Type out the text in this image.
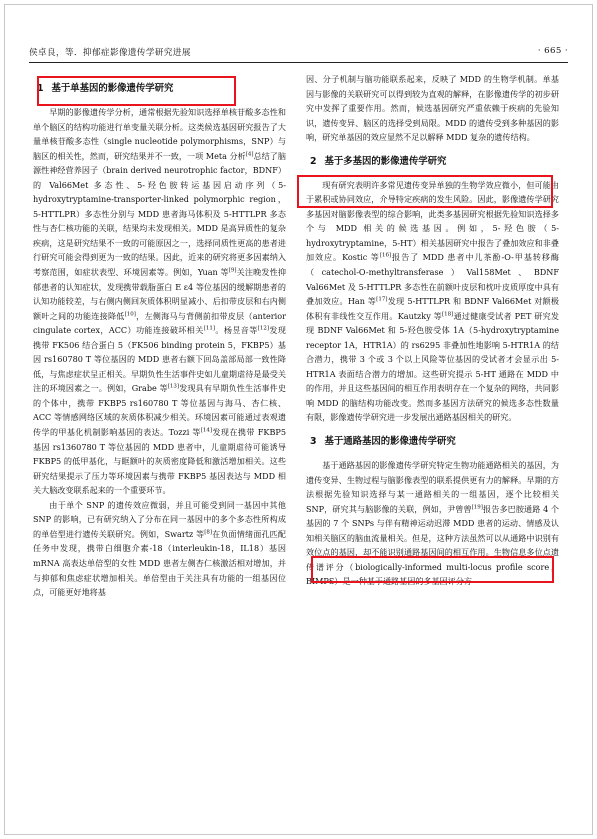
侯卓良，等．抑郁症影像遗传学研究进展	· 665 ·
1 基于单基因的影像遗传学研究

早期的影像遗传学分析，通常根据先验知识选择单核苷酸多态性和单个脑区的结构功能进行单变量关联分析。这类候选基因研究报告了大量单核苷酸多态性（single nucleotide polymorphisms，SNP）与脑区的相关性，然而，研究结果并不一致，一项 Meta 分析[4]总结了脑源性神经营养因子（brain derived neurotrophic factor，BDNF）的 Val66Met 多态性、5-羟色胺转运基因启动序列（5-hydroxytryptamine-transporter-linked polymorphic region，5-HTTLPR）多态性分别与 MDD 患者海马体积及 5-HTTLPR 多态性与杏仁核功能的关联，结果均未发现相关。MDD 是高异质性的复杂疾病，这是研究结果不一致的可能原因之一，选择同质性更高的患者进行研究可能会得到更为一致的结果。因此，近来的研究将更多因素纳入考察范围，如症状表型、环境因素等。例如，Yuan 等[9]关注晚发性抑郁患者的认知症状，发现携带载脂蛋白 E ε4 等位基因的缓解期患者的认知功能较差，与右侧内侧回灰质体积明显减小、后扣带皮层和右内侧额叶之间的功能连接降低[10]，左侧海马与背侧前扣带皮层（anterior cingulate cortex，ACC）功能连接破坏相关[11]。杨昱音等[12]发现携带 FK506 结合蛋白 5（FK506 binding protein 5，FKBP5）基因 rs160780 T 等位基因的 MDD 患者右额下回岛盖部局部一致性降低，与焦虑症状呈正相关。早期负性生活事件史如儿童期虐待是最受关注的环境因素之一。例如，Grabe 等[13]发现具有早期负性生活事件史的个体中，携带 FKBP5 rs160780 T 等位基因与海马、杏仁核、ACC 等情感网络区域的灰质体积减少相关。环境因素可能通过表观遗传学的甲基化机制影响基因的表达。Tozzi 等[14]发现在携带 FKBP5 基因 rs1360780 T 等位基因的 MDD 患者中，儿童期虐待可能诱导 FKBP5 的低甲基化，与眶额叶的灰质密度降低和激活增加相关。这些研究结果提示了压力等环境因素与携带 FKBP5 基因表达与 MDD 相关大脑改变联系起来的一个重要环节。

由于单个 SNP 的遗传效应微弱，并且可能受到同一基因中其他 SNP 的影响，已有研究纳入了分布在同一基因中的多个多态性所构成的单倍型进行遗传关联研究。例如，Swartz 等[8]在负面情绪面孔匹配任务中发现，携带白细胞介素-18（interleukin-18，IL18）基因 mRNA 高表达单倍型的女性 MDD 患者左侧杏仁核激活相对增加，并与抑郁和焦虑症状增加相关。单倍型由于关注具有功能的一组基因位点，可能更好地将基

因、分子机制与脑功能联系起来，反映了 MDD 的生物学机制。单基因与影像的关联研究可以得到较为直观的解释，在影像遗传学的初步研究中发挥了重要作用。然而，候选基因研究严重依赖于疾病的先验知识，遗传变异、脑区的选择受到局限。MDD 的遗传受到多种基因的影响，研究单基因的效应显然不足以解释 MDD 复杂的遗传结构。

2 基于多基因的影像遗传学研究

现有研究表明许多常见遗传变异单独的生物学效应微小，但可能由于累积或协同效应，介导特定疾病的发生风险。因此，影像遗传学研究多基因对脑影像表型的综合影响，此类多基因研究根据先验知识选择多个与 MDD 相关的候选基因。例如，5-羟色胺（5-hydroxytryptamine，5-HT）相关基因研究中报告了叠加效应和非叠加效应。Kostic 等[16]报告了 MDD 患者中儿茶酚-O-甲基转移酶（catechol-O-methyltransferase）Val158Met、BDNF Val66Met 及 5-HTTLPR 多态性在前额叶皮层和枕叶皮质厚度中具有叠加效应。Han 等[17]发现 5-HTTLPR 和 BDNF Val66Met 对额极体积有非线性交互作用。Kautzky 等[18]通过健康受试者 PET 研究发现 BDNF Val66Met 和 5-羟色胺受体 1A（5-hydroxytryptamine receptor 1A，HTR1A）的 rs6295 非叠加性地影响 5-HTR1A 的结合潜力，携带 3 个或 3 个以上风险等位基因的受试者才会显示出 5-HTR1A 表面结合潜力的增加。这些研究提示 5-HT 通路在 MDD 中的作用，并且这些基因间的相互作用表明存在一个复杂的网络，共同影响 MDD 的脑结构功能改变。然而多基因方法研究的候选多态性数量有限，影像遗传学研究进一步发展出通路基因相关的研究。

3 基于通路基因的影像遗传学研究

基于通路基因的影像遗传学研究特定生物功能通路相关的基因，为遗传变异、生物过程与脑影像表型的联系提供更有力的解释。早期的方法根据先验知识选择与某一通路相关的一组基因，逐个比较相关 SNP，研究其与脑影像的关联，例如，尹曾曾[19]报告多巴胺通路 4 个基因的 7 个 SNPs 与伴有精神运动迟滞 MDD 患者的运动、情感及认知相关脑区的脑血流量相关。但是，这种方法虽然可以从通路中识别有效位点的基因，却不能识别通路基因间的相互作用。生物信息多位点遗传谱评分（biologically-informed multi-locus profile score，BIMPS）是一种基于通路基因的多基因评分方
